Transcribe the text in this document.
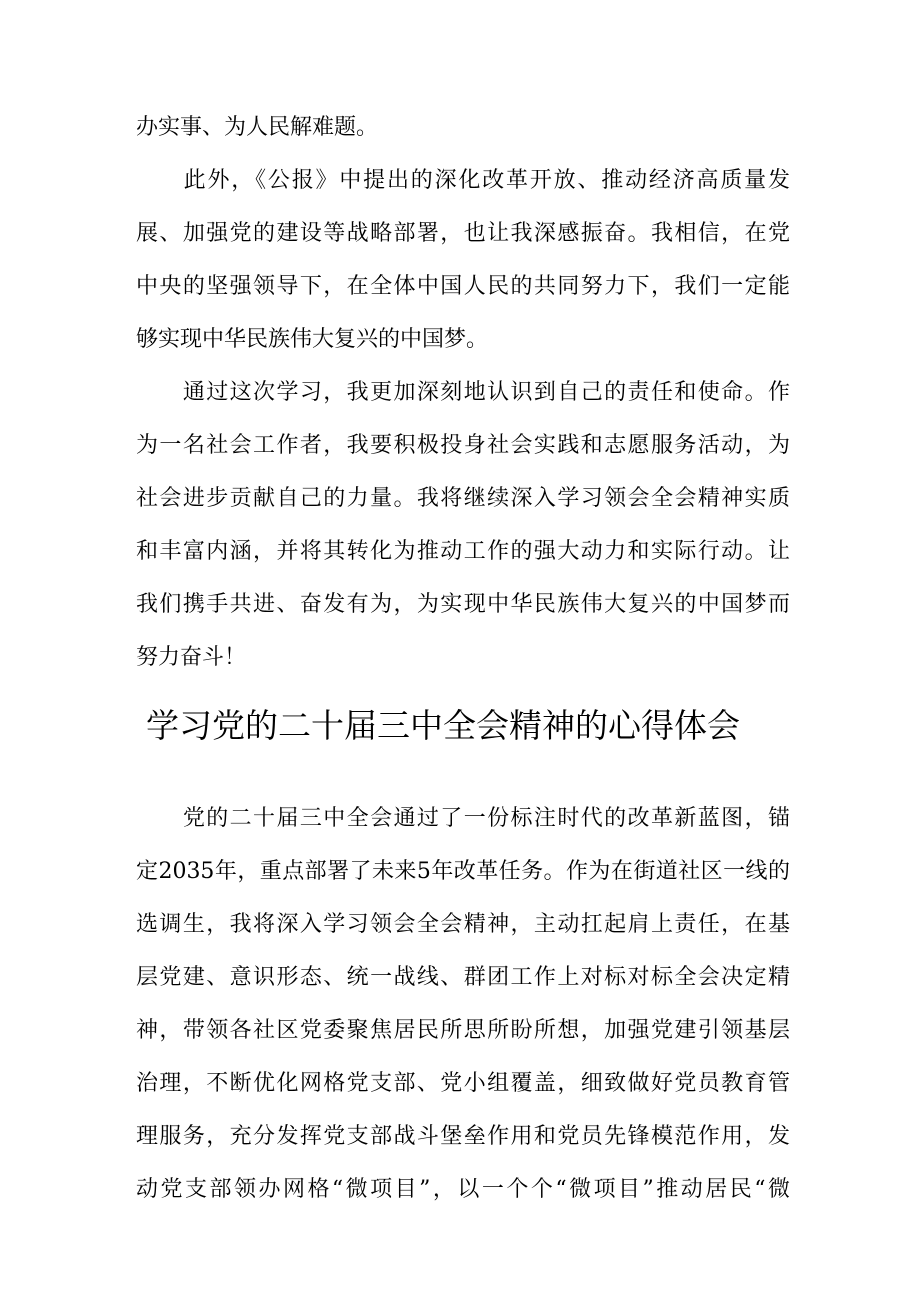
办实事、为人民解难题。
　　此外，《公报》中提出的深化改革开放、推动经济高质量发
展、加强党的建设等战略部署，也让我深感振奋。我相信，在党
中央的坚强领导下，在全体中国人民的共同努力下，我们一定能
够实现中华民族伟大复兴的中国梦。
　　通过这次学习，我更加深刻地认识到自己的责任和使命。作
为一名社会工作者，我要积极投身社会实践和志愿服务活动，为
社会进步贡献自己的力量。我将继续深入学习领会全会精神实质
和丰富内涵，并将其转化为推动工作的强大动力和实际行动。让
我们携手共进、奋发有为，为实现中华民族伟大复兴的中国梦而
努力奋斗！
学习党的二十届三中全会精神的心得体会
　　党的二十届三中全会通过了一份标注时代的改革新蓝图，锚
定2035年，重点部署了未来5年改革任务。作为在街道社区一线的
选调生，我将深入学习领会全会精神，主动扛起肩上责任，在基
层党建、意识形态、统一战线、群团工作上对标对标全会决定精
神，带领各社区党委聚焦居民所思所盼所想，加强党建引领基层
治理，不断优化网格党支部、党小组覆盖，细致做好党员教育管
理服务，充分发挥党支部战斗堡垒作用和党员先锋模范作用，发
动党支部领办网格“微项目”，以一个个“微项目”推动居民“微
